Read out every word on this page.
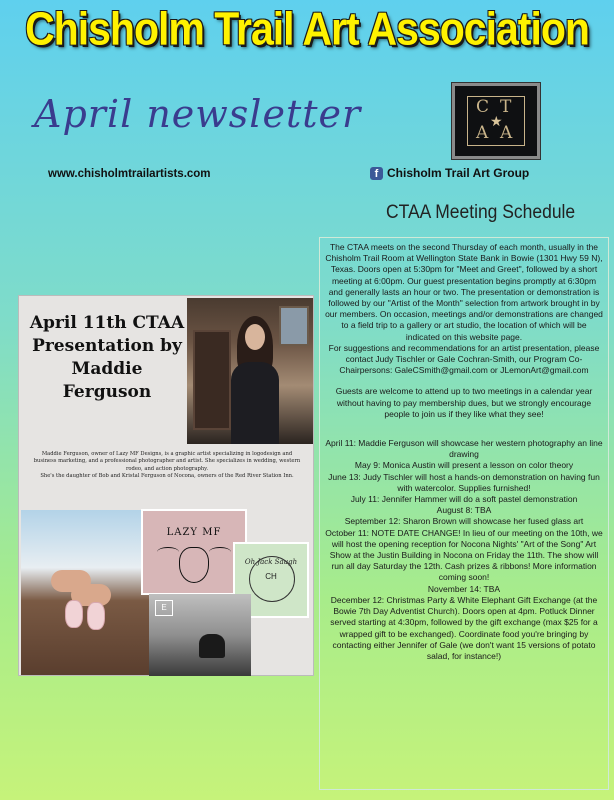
Chisholm Trail Art Association
April newsletter	C T
★
A A
www.chisholmtrailartists.com	f Chisholm Trail Art Group
CTAA Meeting Schedule

The CTAA meets on the second Thursday of each month, usually in the Chisholm Trail Room at Wellington State Bank in Bowie (1301 Hwy 59 N), Texas. Doors open at 5:30pm for "Meet and Greet", followed by a short meeting at 6:00pm. Our guest presentation begins promptly at 6:30pm and generally lasts an hour or two. The presentation or demonstration is followed by our "Artist of the Month" selection from artwork brought in by our members. On occasion, meetings and/or demonstrations are changed to a field trip to a gallery or art studio, the location of which will be indicated on this website page.

For suggestions and recommendations for an artist presentation, please contact Judy Tischler or Gale Cochran-Smith, our Program Co-Chairpersons: GaleCSmith@gmail.com or JLemonArt@gmail.com

Guests are welcome to attend up to two meetings in a calendar year without having to pay membership dues, but we strongly encourage people to join us if they like what they see!

April 11: Maddie Ferguson will showcase her western photography an line drawing

May 9: Monica Austin will present a lesson on color theory

June 13: Judy Tischler will host a hands-on demonstration on having fun with watercolor. Supplies furnished!

July 11: Jennifer Hammer will do a soft pastel demonstration

August 8: TBA

September 12: Sharon Brown will showcase her fused glass art

October 11: NOTE DATE CHANGE! In lieu of our meeting on the 10th, we will host the opening reception for Nocona Nights' "Art of the Song" Art Show at the Justin Building in Nocona on Friday the 11th. The show will run all day Saturday the 12th. Cash prizes & ribbons! More information coming soon!

November 14: TBA

December 12: Christmas Party & White Elephant Gift Exchange (at the Bowie 7th Day Adventist Church). Doors open at 4pm. Potluck Dinner served starting at 4:30pm, followed by the gift exchange (max $25 for a wrapped gift to be exchanged). Coordinate food you're bringing by contacting either Jennifer of Gale (we don't want 15 versions of potato salad, for instance!)

April 11th CTAA Presentation by Maddie Ferguson
Maddie Ferguson, owner of Lazy MF Designs, is a graphic artist specializing in logodesign and business marketing, and a professional photographer and artist. She specializes in wedding, western rodeo, and action photography.
She's the daughter of Bob and Kristal Ferguson of Nocona, owners of the Red River Station Inn.
LAZY MF
Oh Jack Saugh
CH
E
